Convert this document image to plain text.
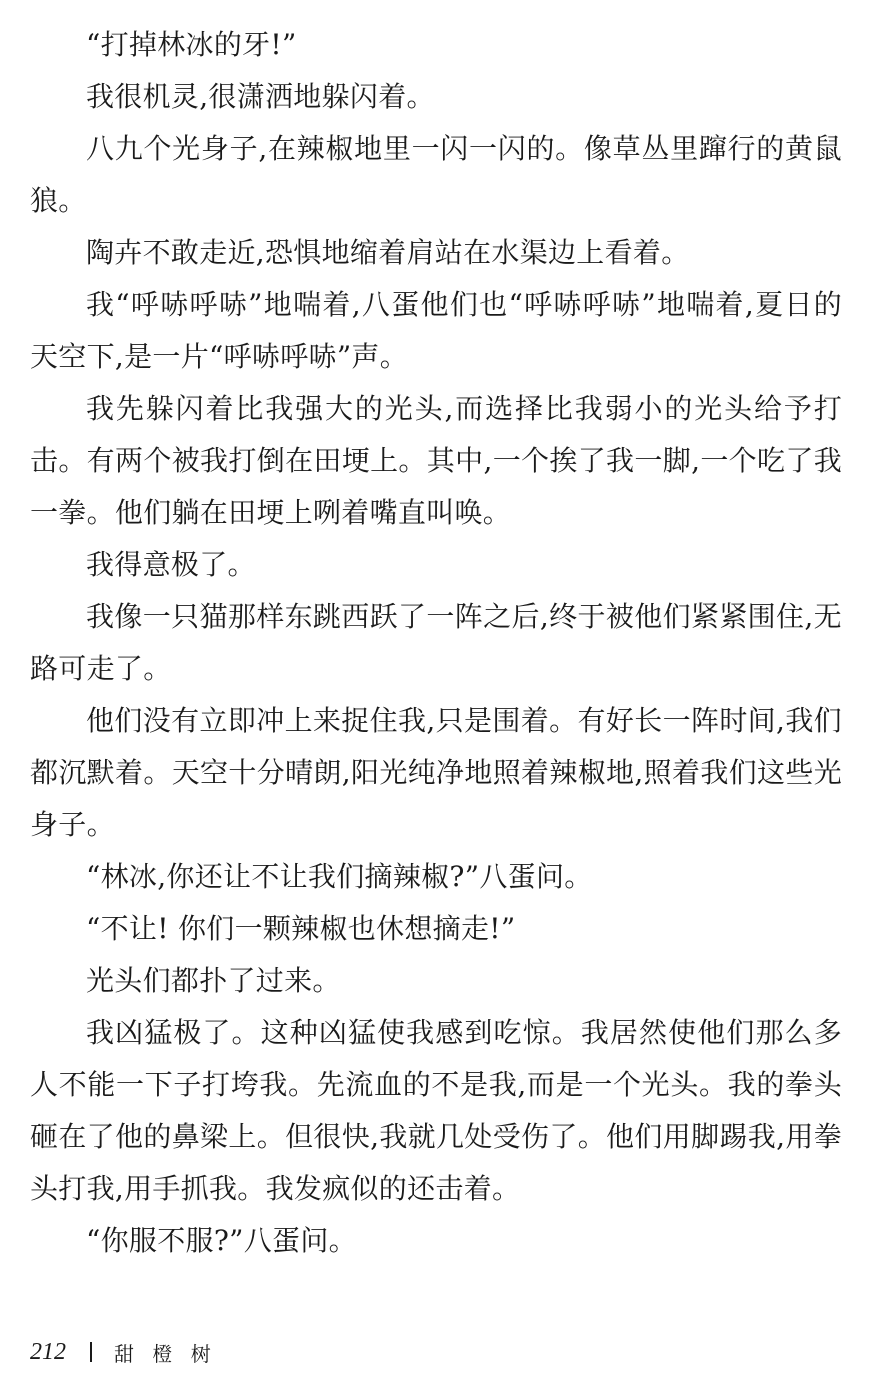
“打掉林冰的牙!”

我很机灵,很潇洒地躲闪着。

八九个光身子,在辣椒地里一闪一闪的。像草丛里蹿行的黄鼠狼。

陶卉不敢走近,恐惧地缩着肩站在水渠边上看着。

我“呼哧呼哧”地喘着,八蛋他们也“呼哧呼哧”地喘着,夏日的天空下,是一片“呼哧呼哧”声。

我先躲闪着比我强大的光头,而选择比我弱小的光头给予打击。有两个被我打倒在田埂上。其中,一个挨了我一脚,一个吃了我一拳。他们躺在田埂上咧着嘴直叫唤。

我得意极了。

我像一只猫那样东跳西跃了一阵之后,终于被他们紧紧围住,无路可走了。

他们没有立即冲上来捉住我,只是围着。有好长一阵时间,我们都沉默着。天空十分晴朗,阳光纯净地照着辣椒地,照着我们这些光身子。

“林冰,你还让不让我们摘辣椒?”八蛋问。

“不让! 你们一颗辣椒也休想摘走!”

光头们都扑了过来。

我凶猛极了。这种凶猛使我感到吃惊。我居然使他们那么多人不能一下子打垮我。先流血的不是我,而是一个光头。我的拳头砸在了他的鼻梁上。但很快,我就几处受伤了。他们用脚踢我,用拳头打我,用手抓我。我发疯似的还击着。

“你服不服?”八蛋问。

212 甜 橙 树
